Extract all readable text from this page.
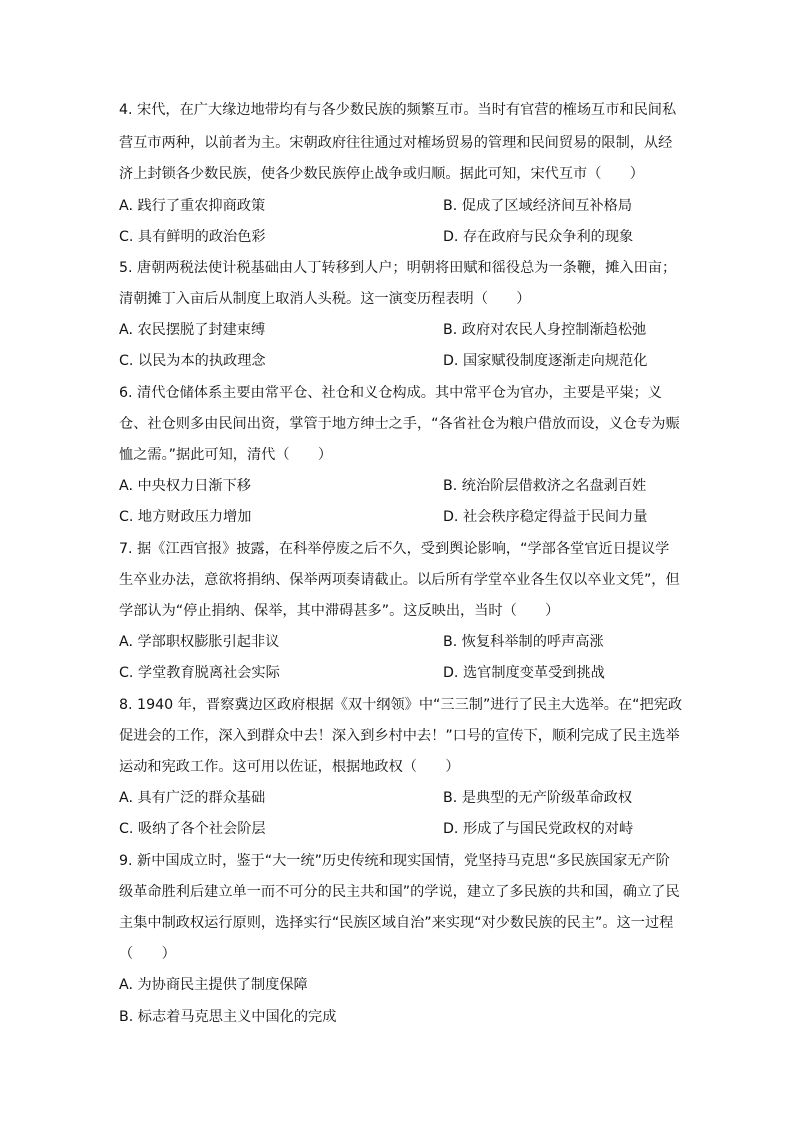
4. 宋代，在广大缘边地带均有与各少数民族的频繁互市。当时有官营的榷场互市和民间私
营互市两种，以前者为主。宋朝政府往往通过对榷场贸易的管理和民间贸易的限制，从经
济上封锁各少数民族，使各少数民族停止战争或归顺。据此可知，宋代互市（　　）
A. 践行了重农抑商政策	B. 促成了区域经济间互补格局
C. 具有鲜明的政治色彩	D. 存在政府与民众争利的现象
5. 唐朝两税法使计税基础由人丁转移到人户；明朝将田赋和徭役总为一条鞭，摊入田亩；
清朝摊丁入亩后从制度上取消人头税。这一演变历程表明（　　）
A. 农民摆脱了封建束缚	B. 政府对农民人身控制渐趋松弛
C. 以民为本的执政理念	D. 国家赋役制度逐渐走向规范化
6. 清代仓储体系主要由常平仓、社仓和义仓构成。其中常平仓为官办，主要是平粜；义
仓、社仓则多由民间出资，掌管于地方绅士之手，“各省社仓为粮户借放而设，义仓专为赈
恤之需。”据此可知，清代（　　）
A. 中央权力日渐下移	B. 统治阶层借救济之名盘剥百姓
C. 地方财政压力增加	D. 社会秩序稳定得益于民间力量
7. 据《江西官报》披露，在科举停废之后不久，受到舆论影响，“学部各堂官近日提议学
生卒业办法，意欲将捐纳、保举两项奏请截止。以后所有学堂卒业各生仅以卒业文凭”，但
学部认为“停止捐纳、保举，其中滞碍甚多”。这反映出，当时（　　）
A. 学部职权膨胀引起非议	B. 恢复科举制的呼声高涨
C. 学堂教育脱离社会实际	D. 选官制度变革受到挑战
8. 1940 年，晋察冀边区政府根据《双十纲领》中“三三制”进行了民主大选举。在“把宪政
促进会的工作，深入到群众中去！深入到乡村中去！”口号的宣传下，顺利完成了民主选举
运动和宪政工作。这可用以佐证，根据地政权（　　）
A. 具有广泛的群众基础	B. 是典型的无产阶级革命政权
C. 吸纳了各个社会阶层	D. 形成了与国民党政权的对峙
9. 新中国成立时，鉴于“大一统”历史传统和现实国情，党坚持马克思“多民族国家无产阶
级革命胜利后建立单一而不可分的民主共和国”的学说，建立了多民族的共和国，确立了民
主集中制政权运行原则，选择实行“民族区域自治”来实现“对少数民族的民主”。这一过程
（　　）
A. 为协商民主提供了制度保障
B. 标志着马克思主义中国化的完成
